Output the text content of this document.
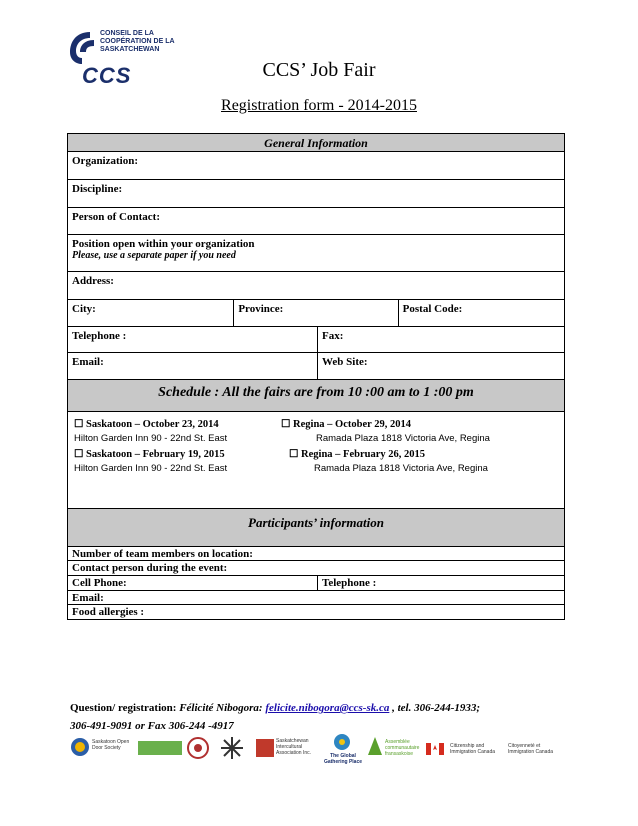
CONSEIL DE LA
COOPÉRATION DE LA
SASKATCHEWAN
CCS	CCS’ Job Fair
Registration form - 2014-2015
General Information
Organization:
Discipline:
Person of Contact:
Position open within your organization
Please, use a separate paper if you need
Address:
City:	Province:	Postal Code:
Telephone :	Fax:
Email:	Web Site:
Schedule : All the fairs are from 10 :00 am to 1 :00 pm
☐ Saskatoon – October 23, 2014	☐ Regina – October 29, 2014
Hilton Garden Inn 90 - 22nd St. East	Ramada Plaza 1818 Victoria Ave, Regina
☐ Saskatoon – February 19, 2015	☐ Regina – February 26, 2015
Hilton Garden Inn 90 - 22nd St. East	Ramada Plaza 1818 Victoria Ave, Regina
Participants’ information
Number of team members on location:
Contact person during the event:
Cell Phone:	Telephone :
Email:
Food allergies :
Question/ registration: Félicité Nibogora: felicite.nibogora@ccs-sk.ca , tel. 306-244-1933;
306-491-9091 or Fax 306-244 -4917
Saskatoon Open Door Society
Saskatchewan Intercultural Association Inc.	The Global Gathering Place
Assemblée communautaire fransaskoise
Citizenship and Immigration Canada
Citoyenneté et Immigration Canada
